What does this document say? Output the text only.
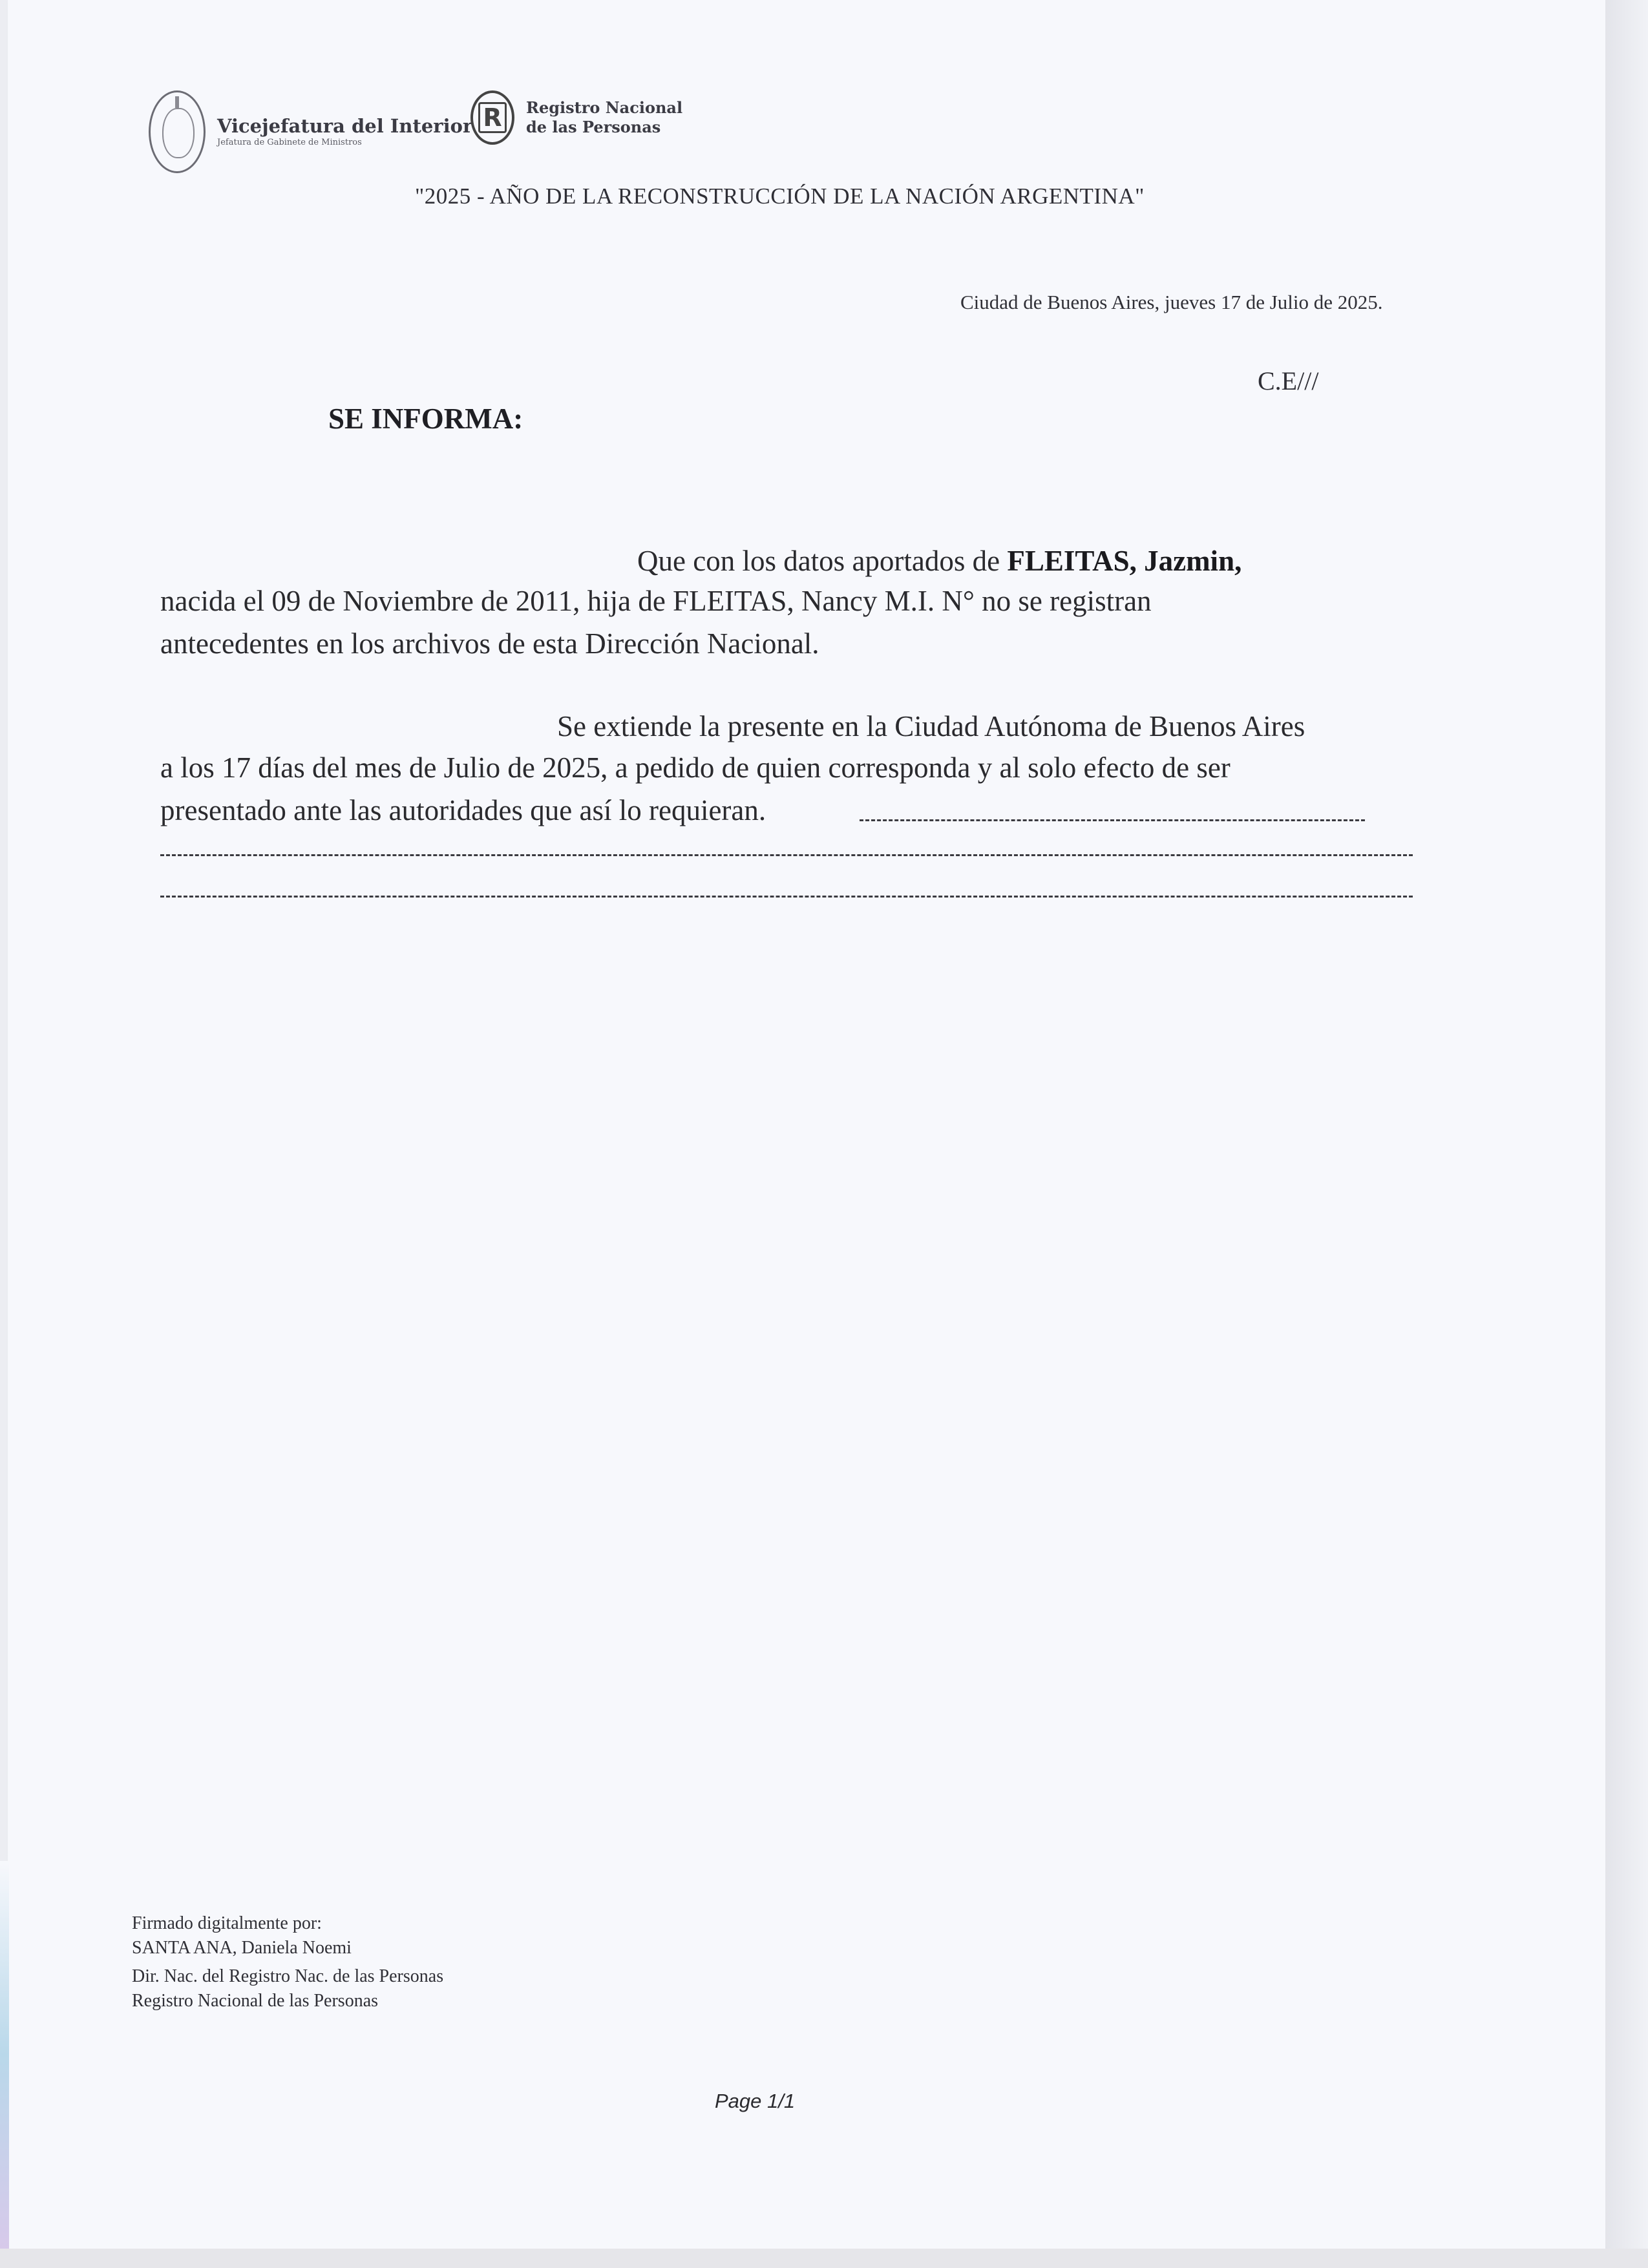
Vicejefatura del Interior
Jefatura de Gabinete de Ministros
R Registro Nacional
de las Personas
"2025 - AÑO DE LA RECONSTRUCCIÓN DE LA NACIÓN ARGENTINA"
Ciudad de Buenos Aires, jueves 17 de Julio de 2025.
C.E///
SE INFORMA:
Que con los datos aportados de FLEITAS, Jazmin,
nacida el 09 de Noviembre de 2011, hija de FLEITAS, Nancy M.I. N° no se registran
antecedentes en los archivos de esta Dirección Nacional.
Se extiende la presente en la Ciudad Autónoma de Buenos Aires
a los 17 días del mes de Julio de 2025, a pedido de quien corresponda y al solo efecto de ser
presentado ante las autoridades que así lo requieran.
Firmado digitalmente por:
SANTA ANA, Daniela Noemi
Dir. Nac. del Registro Nac. de las Personas
Registro Nacional de las Personas
Page 1/1
